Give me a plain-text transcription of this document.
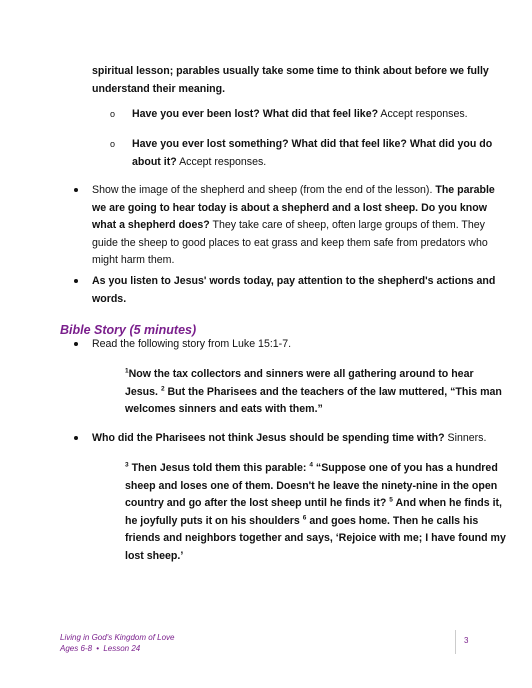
spiritual lesson; parables usually take some time to think about before we fully
understand their meaning.
o Have you ever been lost? What did that feel like? Accept responses.
o Have you ever lost something? What did that feel like? What did you do
about it? Accept responses.
Show the image of the shepherd and sheep (from the end of the lesson). The parable
we are going to hear today is about a shepherd and a lost sheep. Do you know
what a shepherd does? They take care of sheep, often large groups of them. They
guide the sheep to good places to eat grass and keep them safe from predators who
might harm them.
As you listen to Jesus' words today, pay attention to the shepherd's actions and
words.
Bible Story (5 minutes)
Read the following story from Luke 15:1-7.
$^1$Now the tax collectors and sinners were all gathering around to hear
Jesus. $^2$ But the Pharisees and the teachers of the law muttered, “This man
welcomes sinners and eats with them.”
Who did the Pharisees not think Jesus should be spending time with? Sinners.
$^3$ Then Jesus told them this parable: $^4$ “Suppose one of you has a hundred
sheep and loses one of them. Doesn't he leave the ninety-nine in the open
country and go after the lost sheep until he finds it? $^5$ And when he finds it,
he joyfully puts it on his shoulders $^6$ and goes home. Then he calls his
friends and neighbors together and says, ‘Rejoice with me; I have found my
lost sheep.’
Living in God's Kingdom of Love
Ages 6-8 • Lesson 24
3
